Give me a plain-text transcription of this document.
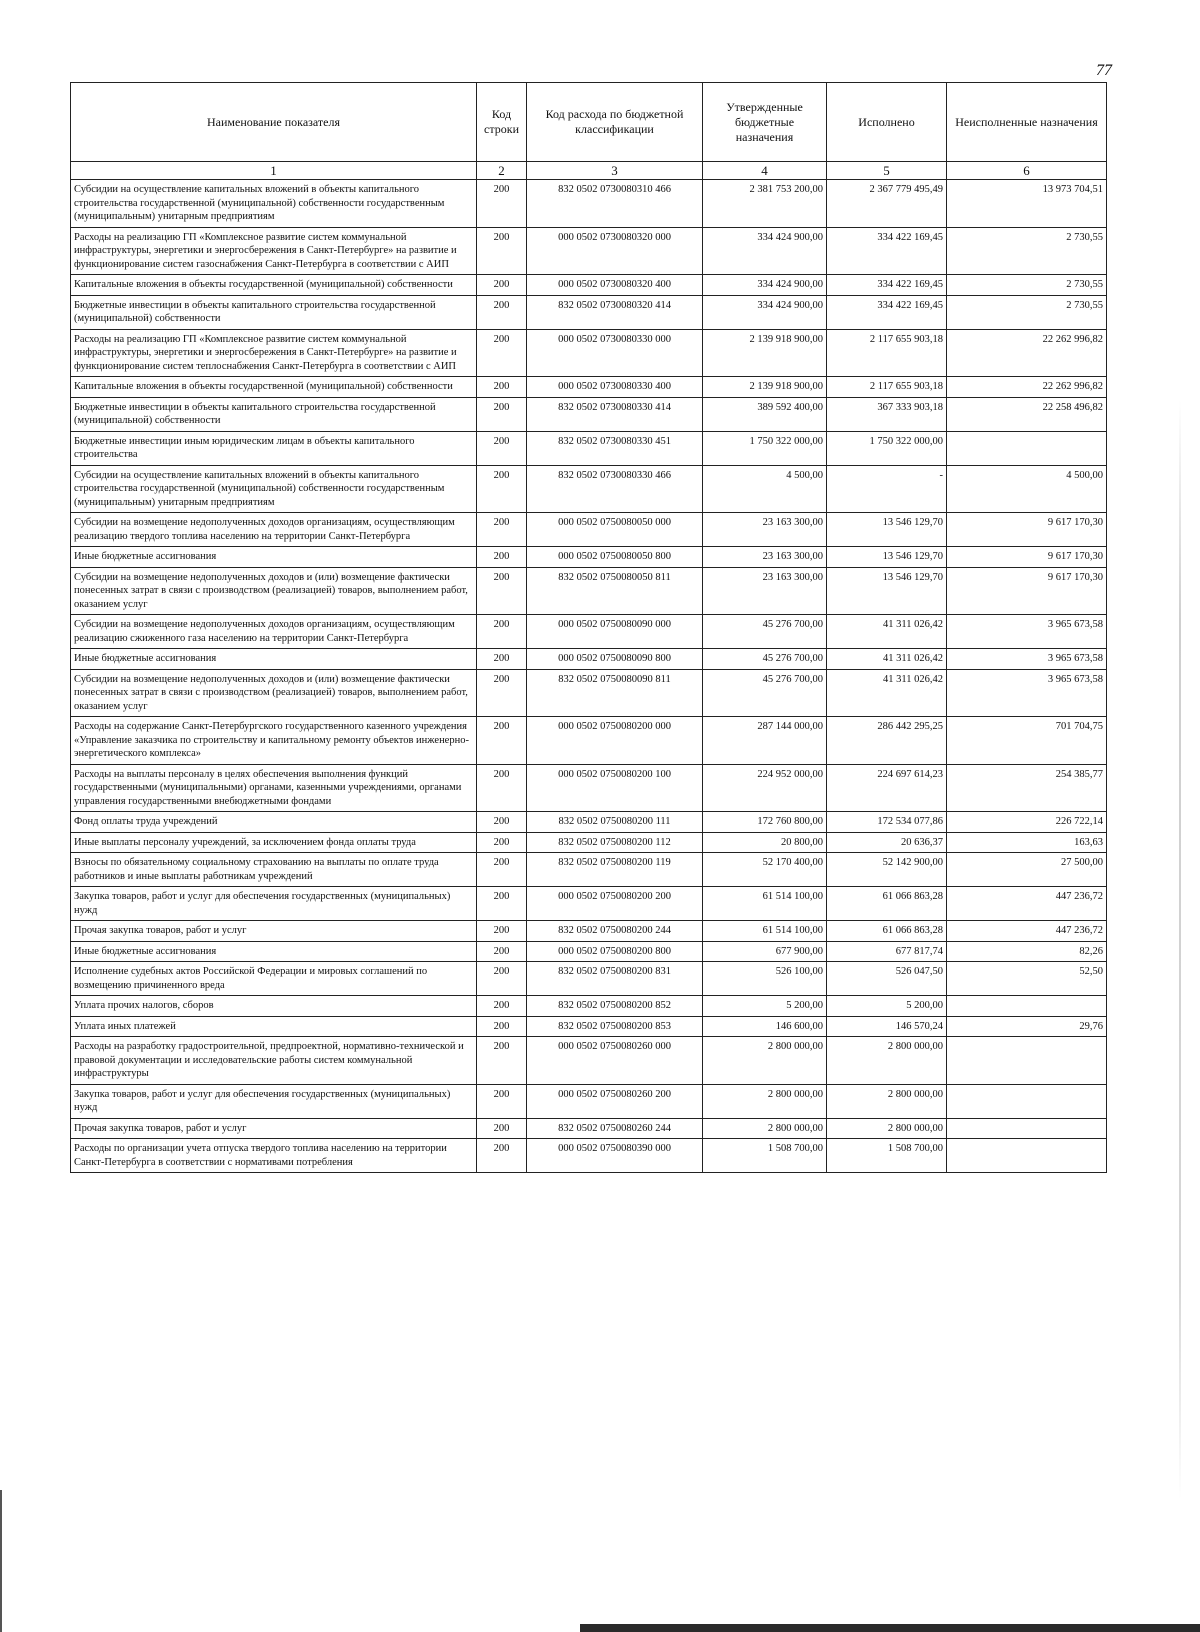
77
Наименование показателя	Код строки	Код расхода по бюджетной классификации	Утвержденные бюджетные назначения	Исполнено	Неисполненные назначения
1	2	3	4	5	6
Субсидии на осуществление капитальных вложений в объекты капитального строительства государственной (муниципальной) собственности государственным (муниципальным) унитарным предприятиям	200	832 0502 0730080310 466	2 381 753 200,00	2 367 779 495,49	13 973 704,51
Расходы на реализацию ГП «Комплексное развитие систем коммунальной инфраструктуры, энергетики и энергосбережения в Санкт-Петербурге» на развитие и функционирование систем газоснабжения Санкт-Петербурга в соответствии с АИП	200	000 0502 0730080320 000	334 424 900,00	334 422 169,45	2 730,55
Капитальные вложения в объекты государственной (муниципальной) собственности	200	000 0502 0730080320 400	334 424 900,00	334 422 169,45	2 730,55
Бюджетные инвестиции в объекты капитального строительства государственной (муниципальной) собственности	200	832 0502 0730080320 414	334 424 900,00	334 422 169,45	2 730,55
Расходы на реализацию ГП «Комплексное развитие систем коммунальной инфраструктуры, энергетики и энергосбережения в Санкт-Петербурге» на развитие и функционирование систем теплоснабжения Санкт-Петербурга в соответствии с АИП	200	000 0502 0730080330 000	2 139 918 900,00	2 117 655 903,18	22 262 996,82
Капитальные вложения в объекты государственной (муниципальной) собственности	200	000 0502 0730080330 400	2 139 918 900,00	2 117 655 903,18	22 262 996,82
Бюджетные инвестиции в объекты капитального строительства государственной (муниципальной) собственности	200	832 0502 0730080330 414	389 592 400,00	367 333 903,18	22 258 496,82
Бюджетные инвестиции иным юридическим лицам в объекты капитального строительства	200	832 0502 0730080330 451	1 750 322 000,00	1 750 322 000,00	
Субсидии на осуществление капитальных вложений в объекты капитального строительства государственной (муниципальной) собственности государственным (муниципальным) унитарным предприятиям	200	832 0502 0730080330 466	4 500,00	-	4 500,00
Субсидии на возмещение недополученных доходов организациям, осуществляющим реализацию твердого топлива населению на территории Санкт-Петербурга	200	000 0502 0750080050 000	23 163 300,00	13 546 129,70	9 617 170,30
Иные бюджетные ассигнования	200	000 0502 0750080050 800	23 163 300,00	13 546 129,70	9 617 170,30
Субсидии на возмещение недополученных доходов и (или) возмещение фактически понесенных затрат в связи с производством (реализацией) товаров, выполнением работ, оказанием услуг	200	832 0502 0750080050 811	23 163 300,00	13 546 129,70	9 617 170,30
Субсидии на возмещение недополученных доходов организациям, осуществляющим реализацию сжиженного газа населению на территории Санкт-Петербурга	200	000 0502 0750080090 000	45 276 700,00	41 311 026,42	3 965 673,58
Иные бюджетные ассигнования	200	000 0502 0750080090 800	45 276 700,00	41 311 026,42	3 965 673,58
Субсидии на возмещение недополученных доходов и (или) возмещение фактически понесенных затрат в связи с производством (реализацией) товаров, выполнением работ, оказанием услуг	200	832 0502 0750080090 811	45 276 700,00	41 311 026,42	3 965 673,58
Расходы на содержание Санкт-Петербургского государственного казенного учреждения «Управление заказчика по строительству и капитальному ремонту объектов инженерно-энергетического комплекса»	200	000 0502 0750080200 000	287 144 000,00	286 442 295,25	701 704,75
Расходы на выплаты персоналу в целях обеспечения выполнения функций государственными (муниципальными) органами, казенными учреждениями, органами управления государственными внебюджетными фондами	200	000 0502 0750080200 100	224 952 000,00	224 697 614,23	254 385,77
Фонд оплаты труда учреждений	200	832 0502 0750080200 111	172 760 800,00	172 534 077,86	226 722,14
Иные выплаты персоналу учреждений, за исключением фонда оплаты труда	200	832 0502 0750080200 112	20 800,00	20 636,37	163,63
Взносы по обязательному социальному страхованию на выплаты по оплате труда работников и иные выплаты работникам учреждений	200	832 0502 0750080200 119	52 170 400,00	52 142 900,00	27 500,00
Закупка товаров, работ и услуг для обеспечения государственных (муниципальных) нужд	200	000 0502 0750080200 200	61 514 100,00	61 066 863,28	447 236,72
Прочая закупка товаров, работ и услуг	200	832 0502 0750080200 244	61 514 100,00	61 066 863,28	447 236,72
Иные бюджетные ассигнования	200	000 0502 0750080200 800	677 900,00	677 817,74	82,26
Исполнение судебных актов Российской Федерации и мировых соглашений по возмещению причиненного вреда	200	832 0502 0750080200 831	526 100,00	526 047,50	52,50
Уплата прочих налогов, сборов	200	832 0502 0750080200 852	5 200,00	5 200,00	
Уплата иных платежей	200	832 0502 0750080200 853	146 600,00	146 570,24	29,76
Расходы на разработку градостроительной, предпроектной, нормативно-технической и правовой документации и исследовательские работы систем коммунальной инфраструктуры	200	000 0502 0750080260 000	2 800 000,00	2 800 000,00	
Закупка товаров, работ и услуг для обеспечения государственных (муниципальных) нужд	200	000 0502 0750080260 200	2 800 000,00	2 800 000,00	
Прочая закупка товаров, работ и услуг	200	832 0502 0750080260 244	2 800 000,00	2 800 000,00	
Расходы по организации учета отпуска твердого топлива населению на территории Санкт-Петербурга в соответствии с нормативами потребления	200	000 0502 0750080390 000	1 508 700,00	1 508 700,00	
